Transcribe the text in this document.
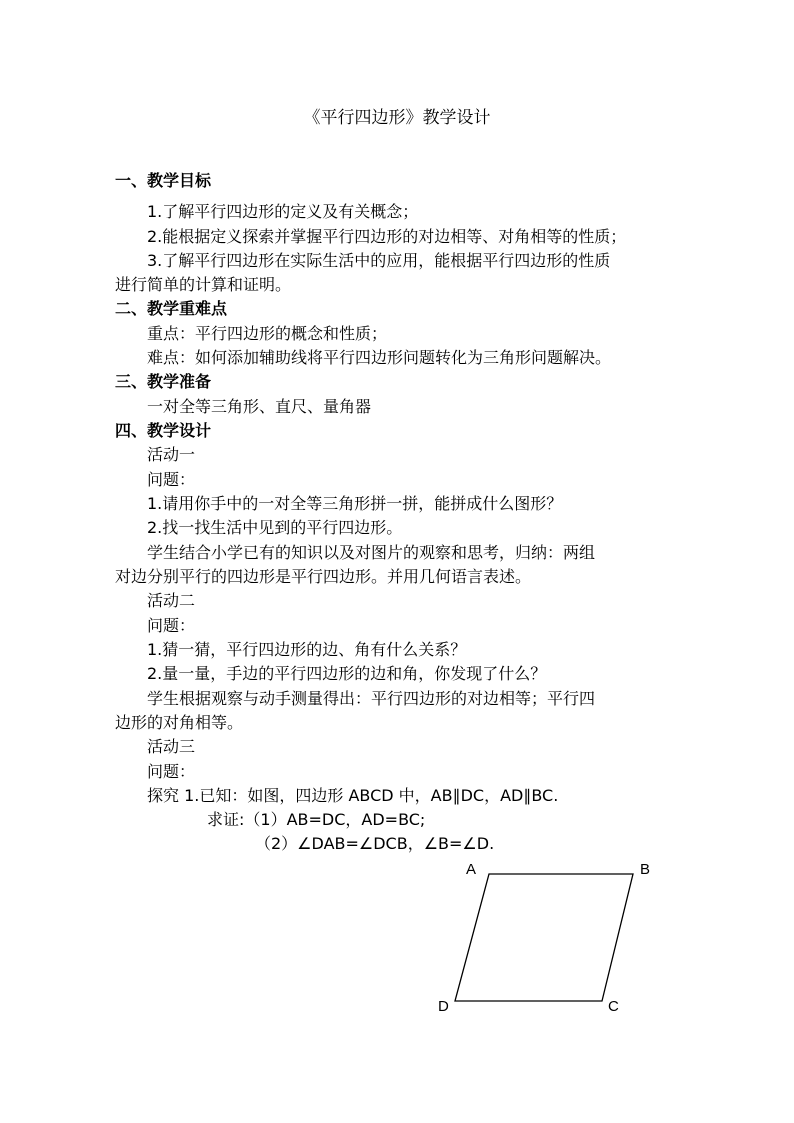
《平行四边形》教学设计
一、教学目标
1.了解平行四边形的定义及有关概念；
2.能根据定义探索并掌握平行四边形的对边相等、对角相等的性质；
3.了解平行四边形在实际生活中的应用，能根据平行四边形的性质
进行简单的计算和证明。
二、教学重难点
重点：平行四边形的概念和性质；
难点：如何添加辅助线将平行四边形问题转化为三角形问题解决。
三、教学准备
一对全等三角形、直尺、量角器
四、教学设计
活动一
问题：
1.请用你手中的一对全等三角形拼一拼，能拼成什么图形？
2.找一找生活中见到的平行四边形。
学生结合小学已有的知识以及对图片的观察和思考，归纳：两组
对边分别平行的四边形是平行四边形。并用几何语言表述。
活动二
问题：
1.猜一猜，平行四边形的边、角有什么关系？
2.量一量，手边的平行四边形的边和角，你发现了什么？
学生根据观察与动手测量得出：平行四边形的对边相等；平行四
边形的对角相等。
活动三
问题：
探究 1.已知：如图，四边形 ABCD 中，AB∥DC，AD∥BC.
求证:（1）AB=DC，AD=BC;
（2）∠DAB=∠DCB，∠B=∠D.
A	B
C
D
